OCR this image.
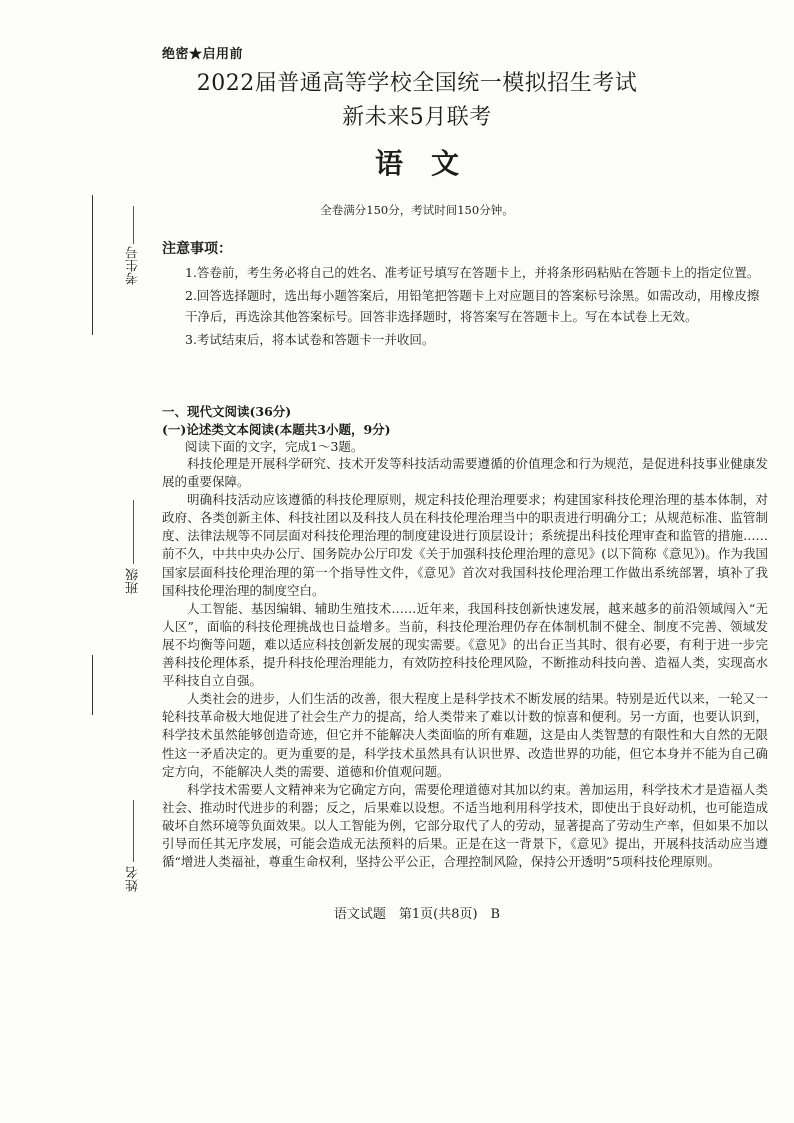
绝密★启用前
2022届普通高等学校全国统一模拟招生考试
新未来5月联考
语　文
全卷满分150分，考试时间150分钟。
考生号
班级
姓名
注意事项：

1.答卷前，考生务必将自己的姓名、准考证号填写在答题卡上，并将条形码粘贴在答题卡上的指定位置。

2.回答选择题时，选出每小题答案后，用铅笔把答题卡上对应题目的答案标号涂黑。如需改动，用橡皮擦干净后，再选涂其他答案标号。回答非选择题时，将答案写在答题卡上。写在本试卷上无效。

3.考试结束后，将本试卷和答题卡一并收回。

一、现代文阅读(36分)
(一)论述类文本阅读(本题共3小题，9分)
阅读下面的文字，完成1～3题。

科技伦理是开展科学研究、技术开发等科技活动需要遵循的价值理念和行为规范，是促进科技事业健康发展的重要保障。

明确科技活动应该遵循的科技伦理原则，规定科技伦理治理要求；构建国家科技伦理治理的基本体制，对政府、各类创新主体、科技社团以及科技人员在科技伦理治理当中的职责进行明确分工；从规范标准、监管制度、法律法规等不同层面对科技伦理治理的制度建设进行顶层设计；系统提出科技伦理审查和监管的措施……前不久，中共中央办公厅、国务院办公厅印发《关于加强科技伦理治理的意见》(以下简称《意见》)。作为我国国家层面科技伦理治理的第一个指导性文件，《意见》首次对我国科技伦理治理工作做出系统部署，填补了我国科技伦理治理的制度空白。

人工智能、基因编辑、辅助生殖技术……近年来，我国科技创新快速发展，越来越多的前沿领域闯入“无人区”，面临的科技伦理挑战也日益增多。当前，科技伦理治理仍存在体制机制不健全、制度不完善、领域发展不均衡等问题，难以适应科技创新发展的现实需要。《意见》的出台正当其时、很有必要，有利于进一步完善科技伦理体系，提升科技伦理治理能力，有效防控科技伦理风险，不断推动科技向善、造福人类，实现高水平科技自立自强。

人类社会的进步，人们生活的改善，很大程度上是科学技术不断发展的结果。特别是近代以来，一轮又一轮科技革命极大地促进了社会生产力的提高，给人类带来了难以计数的惊喜和便利。另一方面，也要认识到，科学技术虽然能够创造奇迹，但它并不能解决人类面临的所有难题，这是由人类智慧的有限性和大自然的无限性这一矛盾决定的。更为重要的是，科学技术虽然具有认识世界、改造世界的功能，但它本身并不能为自己确定方向，不能解决人类的需要、道德和价值观问题。

科学技术需要人文精神来为它确定方向，需要伦理道德对其加以约束。善加运用，科学技术才是造福人类社会、推动时代进步的利器；反之，后果难以设想。不适当地利用科学技术，即使出于良好动机，也可能造成破坏自然环境等负面效果。以人工智能为例，它部分取代了人的劳动，显著提高了劳动生产率，但如果不加以引导而任其无序发展，可能会造成无法预料的后果。正是在这一背景下，《意见》提出，开展科技活动应当遵循“增进人类福祉，尊重生命权利，坚持公平公正，合理控制风险，保持公开透明”5项科技伦理原则。

语文试题　第1页(共8页)　B
